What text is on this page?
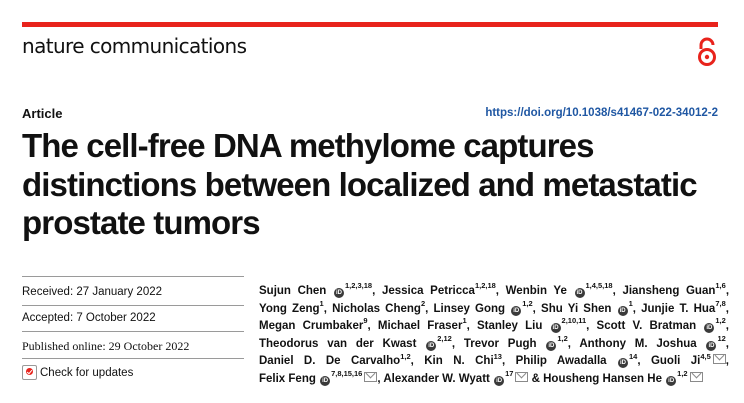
nature communications
Article	https://doi.org/10.1038/s41467-022-34012-2
The cell-free DNA methylome captures distinctions between localized and metastatic prostate tumors
Received: 27 January 2022
Accepted: 7 October 2022
Published online: 29 October 2022
Check for updates

Sujun Chen iD$^{1,2,3,18}$, Jessica Petricca$^{1,2,18}$, Wenbin Ye iD$^{1,4,5,18}$, Jiansheng Guan$^{1,6}$, Yong Zeng$^1$, Nicholas Cheng$^2$, Linsey Gong iD$^{1,2}$, Shu Yi Shen $iD^1$, Junjie T. Hua$^{7,8}$, Megan Crumbaker$^9$, Michael Fraser$^1$, Stanley Liu iD$^{2,10,11}$, Scott V. Bratman iD$^{1,2}$, Theodorus van der Kwast iD$^{2,12}$, Trevor Pugh iD$^{1,2}$, Anthony M. Joshua $iD^{12}$, Daniel D. De Carvalho$^{1,2}$, Kin N. Chi$^{13}$, Philip Awadalla $iD^{14}$, Guoli Ji$^{4,5}$ , Felix Feng iD$^{7,8,15,16}$ , Alexander W. Wyatt $iD^{17}$ & Housheng Hansen He iD$^{1,2}$
